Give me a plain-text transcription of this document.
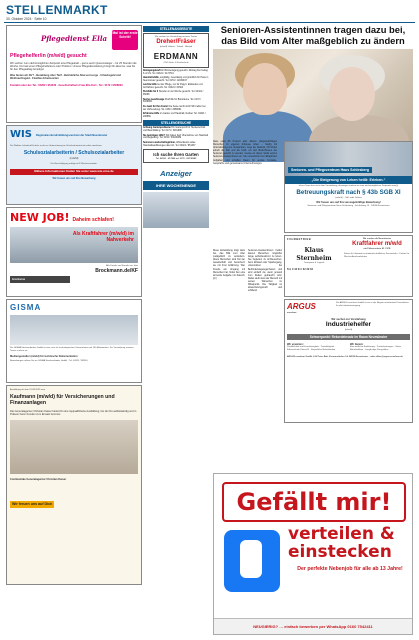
STELLENMARKT
30. Oktober 2024 · Seite 10
Pflegedienst Ella
Mal ist der erste Schritt!
Pflegehelfer/in (m/w/d) gesucht
Wir suchen zum nächstmöglichen Zeitpunkt eine Pflegekraft – gerne auch Quereinsteiger – für 25 Stunden die Woche. Du hast einen Pflegehelferkurs oder Problem: Unsere Pflegedienstleitung bringt Dir alles bei, was Du für den Pflegealltag benötigst.
Was bieten wir Dir? · Bezahlung über Tarif · Betriebliche Altersvorsorge · Urlaubsgeld und Weihnachtsgeld · Flexible Arbeitszeiten
Kontakt unter der Tel.: 04262 / 954040 · Gesellschafterin Frau Ella Kurt · Tel.: 0172 / 9508600
WIS Regionales Berufsbildungszentrum der Stadt Neumünster
Die Walther-Lehmkuhl-Schule sucht zur Unterstützung im Schulsekretariat ab sofort eine/einen
Schulsozialarbeiterin / Schulsozialarbeiter
(m/w/d)
Die Beschäftigung erfolgt mit 8 Wochenstunden.
Nähere Informationen finden Sie unter www.wis-nms.de
Wir freuen uns auf Ihre Bewerbung
NEW JOB! Daheim schlafen!
Als Kraftfahrer (m/w/d) im Nahverkehr
Alle Details und Kontakt via Jobs
Brockmann.de/KF
brocksnsa
GISMA
Die GISMA Steckverbinder GmbH ist eine sich als technologisches Unternehmen mit 160 Mitarbeitern. Zur Verstärkung unseres Teams suchen wir
Mediengestalter (m/w/d) für technische Dokumentation
Bewerbungen richten Sie an GISMA Steckverbinder GmbH · Tel. 04321 / 9899-0
Ausbildung ab dem 01.08.2025 zum
Kaufmann (m/w/d) für Versicherungen und Finanzanlagen
Die Generalagentur Christian Kaiser bietet Dir eine topqualifizierte Ausbildung, bei der Du selbstständig und in Präsenz beim Kunden zum Einsatz kommst.
Continentale Generalagentur Christian Kaiser
Wir freuen uns auf Dich
STELLENANGEBOTE
Wir suchen zur Verstärkung unseres Teams
Dreher/Fräser
(m/w/d) Vollzeit · Teilzeit · Minijob
ERDMANN
CNC-Dreh- & Frästechnik
Reinigungskraft für Büroreinigung gesucht. Montag bis Freitag 6–9 Uhr. Tel. 04321 / 2174710
Haushaltshilfe, sorgfältig, zuverlässig und gründlich für Haus in Neumünster gesucht. Tel. 0151 / 12034947
Leichte Hilfe bei der Pflege, nur für Papyri, Einkaufen und Arztfahrten gesucht. Tel. 04321 / 61502
Putzhilfe für 3 Stunden in der Woche gesucht. Tel. 04321 / 65098
Suche zuverlässige Putzhilfe für Büroräume. Tel. 0172 / 6349902
Zu zweit für Ihre Feste! Die Feste reicht nicht! Wir helfen bei der Vorbereitung. Tel. 0160 / 2668091
Erfahrene Hilfe im Garten und Haushalt, flexibel. Tel. 04321 / 208866
STELLENGESUCHE
Achtung Gartenprobleme! Ihr Gartenprofi für Heckenschnitt und Baumfällung. Tel. 0171 / 3201996
Sie benötigen Hilfe? Wir haben Zeit! Übernahme von Haushalt und Begleitung. Tel. 0152 / 54613089
Senioren-Landschaftsgärtner, Winterdienst sowie Haushaltsauflösungen aller Art. Tel. 04321 / 951337
Ich suche Ihren Garten
Tel. 04321 - 617889 od. 0176 - 83736982
Anzeiger
IHRE WOCHENENDE
Senioren-Assistentinnen tragen dazu bei, das Bild vom Alter maßgeblich zu ändern
Dass etwa 80 Prozent aller älteren pflegebedürftigen Menschen im eigenen Zuhause leben – häufig mit Unterstützung von Verwandten, zeigt die Statistik. Oft fehlen jedoch die Zeit und die Kraft, um den Bedürfnissen der Senioren gerecht zu werden. Genau an dieser Stelle setzen Senioren-Assistentinnen an. Sie unterstützen bei alltäglichen Aufgaben und schaffen Raum für soziale Kontakte, Gespräche und gemeinsame Unternehmungen.
Senioren-Assistentinnen helfen älteren Menschen, möglichst lange selbstbestimmt zu leben. Sie begleiten zu Arztbesuchen, beim Einkauf oder Spaziergang, unterstützen bei Behördenangelegenheiten und sind einfach da, wenn jemand zum Reden gebraucht wird. Dabei steht stets der Mensch mit seinen Wünschen im Mittelpunkt. Die Tätigkeit ist abwechslungsreich und erfüllend.
Diese Entwicklung trägt dazu bei, das Bild vom Alter maßgeblich zu verändern. Ältere Menschen sind Teil der Gesellschaft und bereichern sie mit ihrer Erfahrung. Wer Freude am Umgang mit Menschen hat, findet hier eine sinnvolle Aufgabe mit Zukunft. (pr)
Senioren- und Pflegezentrum Haus Schlesberg
„Die Steigerung von Leben heißt: Erleben.“
Unser Team freut sich über Verstärkung, deswegen suchen wir zum nächstmöglichen Zeitpunkt eine(n)
Betreuungskraft nach § 43b SGB XI
(m/w/d) – Voll- oder Teilzeit
Wir freuen uns auf Ihre aussagekräftige Bewerbung!
Senioren- und Pflegezentrum Haus Schlesberg · Schlesberg 15 · 24534 Neumünster
FUHRBETRIEB
Klaus Sternheim
Transporte & Logistik
Wir suchen ab Neumünster
Kraftfahrer m/w/d
mit Führerschein Kl. C/CE
Fahrer für Getreide im landwirtschaftlichen Fernverkehr · Fahrer für Wechselbrückenfahrten
Tel. 0 43 21 / 62 39 33
ARGUS
ecoclean
Die ARGUS ecoclean GmbH ist ein in der Region anerkannter Dienstleister für die Industriereinigung.
Wir suchen zur Verstärkung
Industriehelfer
(m/w/d)
Schwerpunkt: Rekordeinsatz im Raum Neumünster
Wir erwarten:
Pünktlichkeit und Zuverlässigkeit · Teamfähigkeit · Führerschein Klasse B · Körperliche Belastbarkeit
Wir bieten:
Eine tarifliche Entlohnung · Zusatzleistungen · Gutes Betriebsklima · Langfristige Perspektive
ARGUS ecoclean GmbH, Lilli Peter Batt, Krummstücker 14, 24539 Neumünster · oder office@argus-ecoclean.de
Gefällt mir!
verteilen &
einstecken
Der perfekte Nebenjob für alle ab 13 Jahre!
NEUGIERIG? … einfach bewerben per WhatsApp 0160 7542411
